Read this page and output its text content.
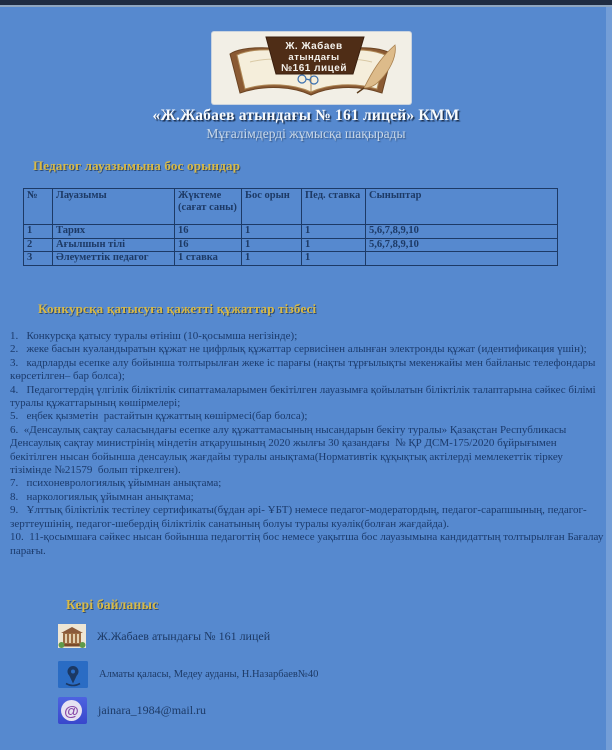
Ж. Жабаев
атындағы
№161 лицей
«Ж.Жабаев атындағы № 161 лицей» КММ
Мұғалімдерді жұмысқа шақырады
Педагог лауазымына бос орындар
№	Лауазымы	Жүктеме (сағат саны)	Бос орын	Пед. ставка	Сыныптар
1	Тарих	16	1	1	5,6,7,8,9,10
2	Ағылшын тілі	16	1	1	5,6,7,8,9,10
3	Әлеуметтік педагог	1 ставка	1	1	
Конкурсқа қатысуға қажетті құжаттар тізбесі
1.   Конкурсқа қатысу туралы өтініш (10-қосымша негізінде);
2.   жеке басын куәландыратын құжат не цифрлық құжаттар сервисінен алынған электронды құжат (идентификация үшін);
3.   кадрларды есепке алу бойынша толтырылған жеке іс парағы (нақты тұрғылықты мекенжайы мен байланыс телефондары көрсетілген– бар болса);
4.   Педагогтердің үлгілік біліктілік сипаттамаларымен бекітілген лауазымға қойылатын біліктілік талаптарына сәйкес білімі туралы құжаттарының көшірмелері;
5.   еңбек қызметін  растайтын құжаттың көшірмесі(бар болса);
6.  «Денсаулық сақтау саласындағы есепке алу құжаттамасының нысандарын бекіту туралы» Қазақстан Республикасы Денсаулық сақтау министрінің міндетін атқарушының 2020 жылғы 30 қазандағы  № ҚР ДСМ-175/2020 бұйрығымен бекітілген нысан бойынша денсаулық жағдайы туралы анықтама(Нормативтік құқықтық актілерді мемлекеттік тіркеу тізімінде №21579  болып тіркелген).
7.   психоневрологиялық ұйымнан анықтама;
8.   наркологиялық ұйымнан анықтама;
9.   Ұлттық біліктілік тестілеу сертификаты(бұдан әрі- ҰБТ) немесе педагог-модератордың, педагог-сарапшының, педагог-зерттеушінің, педагог-шебердің біліктілік санатының болуы туралы куәлік(болған жағдайда).
10.  11-қосымшаға сәйкес нысан бойынша педагогтің бос немесе уақытша бос лауазымына кандидаттың толтырылған Бағалау парағы.
Кері байланыс
Ж.Жабаев атындағы № 161 лицей
Алматы қаласы, Медеу ауданы, Н.Назарбаев№40
@ jainara_1984@mail.ru
